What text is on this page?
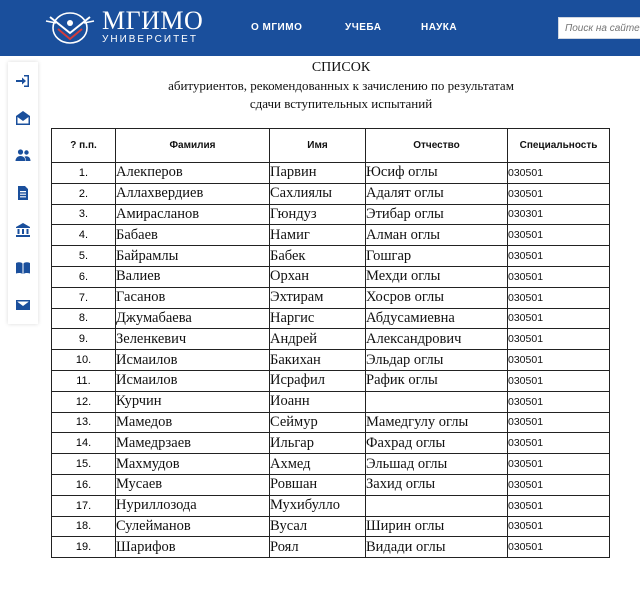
МГИМО
УНИВЕРСИТЕТ
О МГИМО	УЧЕБА	НАУКА
Поиск на сайте
СПИСОК
абитуриентов, рекомендованных к зачислению по результатам
сдачи вступительных испытаний
? п.п.	Фамилия	Имя	Отчество	Специальность
1.	Алекперов	Парвин	Юсиф оглы	030501
2.	Аллахвердиев	Сахлиялы	Адалят оглы	030501
3.	Амирасланов	Гюндуз	Этибар оглы	030301
4.	Бабаев	Намиг	Алман оглы	030501
5.	Байрамлы	Бабек	Гошгар	030501
6.	Валиев	Орхан	Мехди оглы	030501
7.	Гасанов	Эхтирам	Хосров оглы	030501
8.	Джумабаева	Наргис	Абдусамиевна	030501
9.	Зеленкевич	Андрей	Александрович	030501
10.	Исмаилов	Бакихан	Эльдар оглы	030501
11.	Исмаилов	Исрафил	Рафик оглы	030501
12.	Курчин	Иоанн		030501
13.	Мамедов	Сеймур	Мамедгулу оглы	030501
14.	Мамедрзаев	Ильгар	Фахрад оглы	030501
15.	Махмудов	Ахмед	Эльшад оглы	030501
16.	Мусаев	Ровшан	Захид оглы	030501
17.	Нуриллозода	Мухибулло		030501
18.	Сулейманов	Вусал	Ширин оглы	030501
19.	Шарифов	Роял	Видади оглы	030501
